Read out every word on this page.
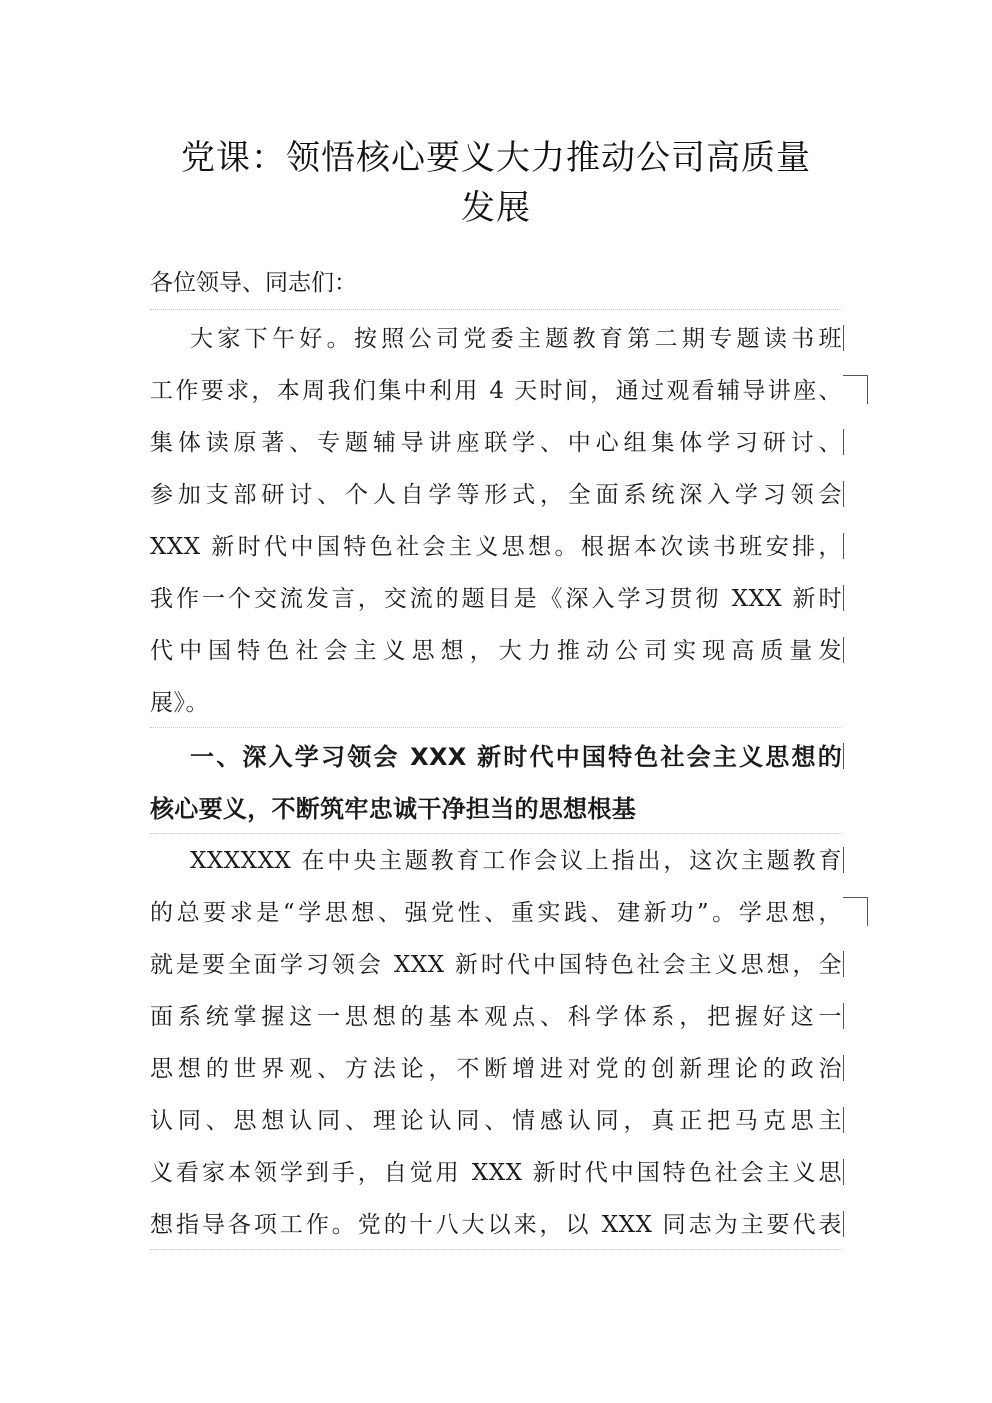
党课：领悟核心要义大力推动公司高质量
发展
各位领导、同志们：
大家下午好。按照公司党委主题教育第二期专题读书班
工作要求，本周我们集中利用 4 天时间，通过观看辅导讲座、
集体读原著、专题辅导讲座联学、中心组集体学习研讨、
参加支部研讨、个人自学等形式，全面系统深入学习领会
XXX 新时代中国特色社会主义思想。根据本次读书班安排，
我作一个交流发言，交流的题目是《深入学习贯彻 XXX 新时
代中国特色社会主义思想，大力推动公司实现高质量发
展》。
一、深入学习领会 XXX 新时代中国特色社会主义思想的
核心要义，不断筑牢忠诚干净担当的思想根基
XXXXXX 在中央主题教育工作会议上指出，这次主题教育
的总要求是“学思想、强党性、重实践、建新功”。学思想，
就是要全面学习领会 XXX 新时代中国特色社会主义思想，全
面系统掌握这一思想的基本观点、科学体系，把握好这一
思想的世界观、方法论，不断增进对党的创新理论的政治
认同、思想认同、理论认同、情感认同，真正把马克思主
义看家本领学到手，自觉用 XXX 新时代中国特色社会主义思
想指导各项工作。党的十八大以来，以 XXX 同志为主要代表
